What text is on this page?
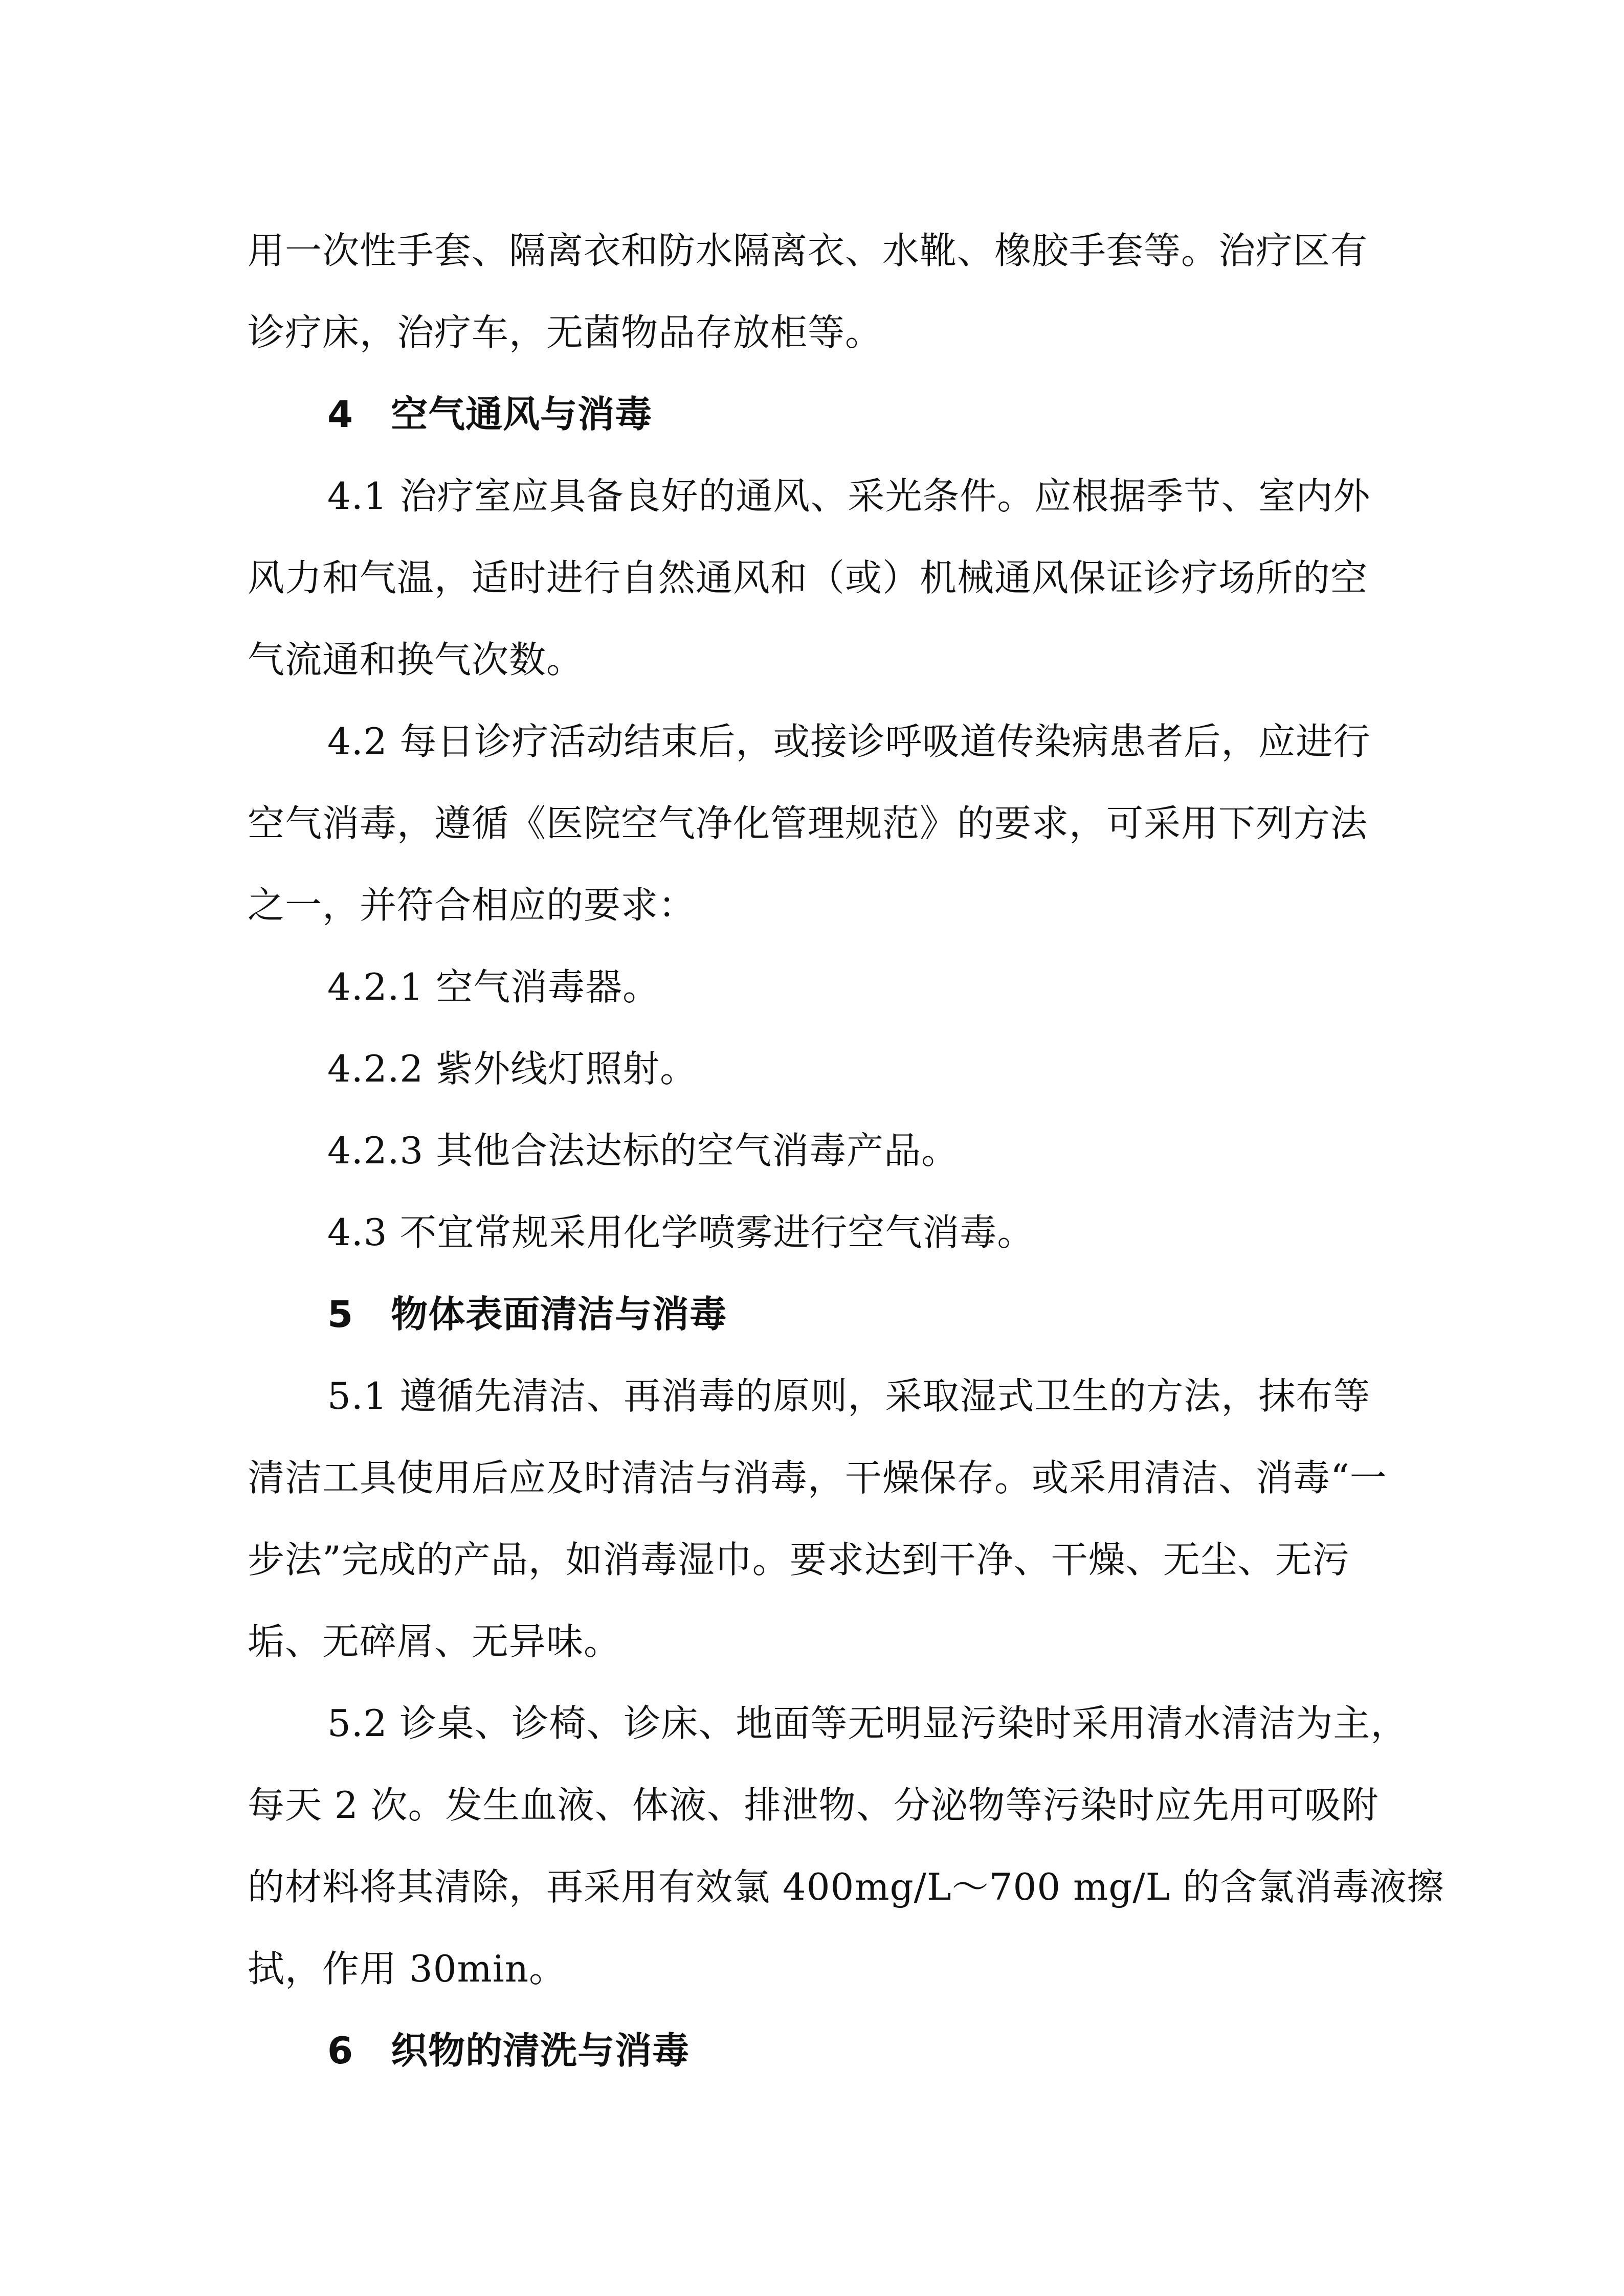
用一次性手套、隔离衣和防水隔离衣、水靴、橡胶手套等。治疗区有
诊疗床，治疗车，无菌物品存放柜等。
4　空气通风与消毒
4.1 治疗室应具备良好的通风、采光条件。应根据季节、室内外
风力和气温，适时进行自然通风和（或）机械通风保证诊疗场所的空
气流通和换气次数。
4.2 每日诊疗活动结束后，或接诊呼吸道传染病患者后，应进行
空气消毒，遵循《医院空气净化管理规范》的要求，可采用下列方法
之一，并符合相应的要求：
4.2.1 空气消毒器。
4.2.2 紫外线灯照射。
4.2.3 其他合法达标的空气消毒产品。
4.3 不宜常规采用化学喷雾进行空气消毒。
5　物体表面清洁与消毒
5.1 遵循先清洁、再消毒的原则，采取湿式卫生的方法，抹布等
清洁工具使用后应及时清洁与消毒，干燥保存。或采用清洁、消毒“一
步法”完成的产品，如消毒湿巾。要求达到干净、干燥、无尘、无污
垢、无碎屑、无异味。
5.2 诊桌、诊椅、诊床、地面等无明显污染时采用清水清洁为主，
每天 2 次。发生血液、体液、排泄物、分泌物等污染时应先用可吸附
的材料将其清除，再采用有效氯 400mg/L～700 mg/L 的含氯消毒液擦
拭，作用 30min。
6　织物的清洗与消毒
